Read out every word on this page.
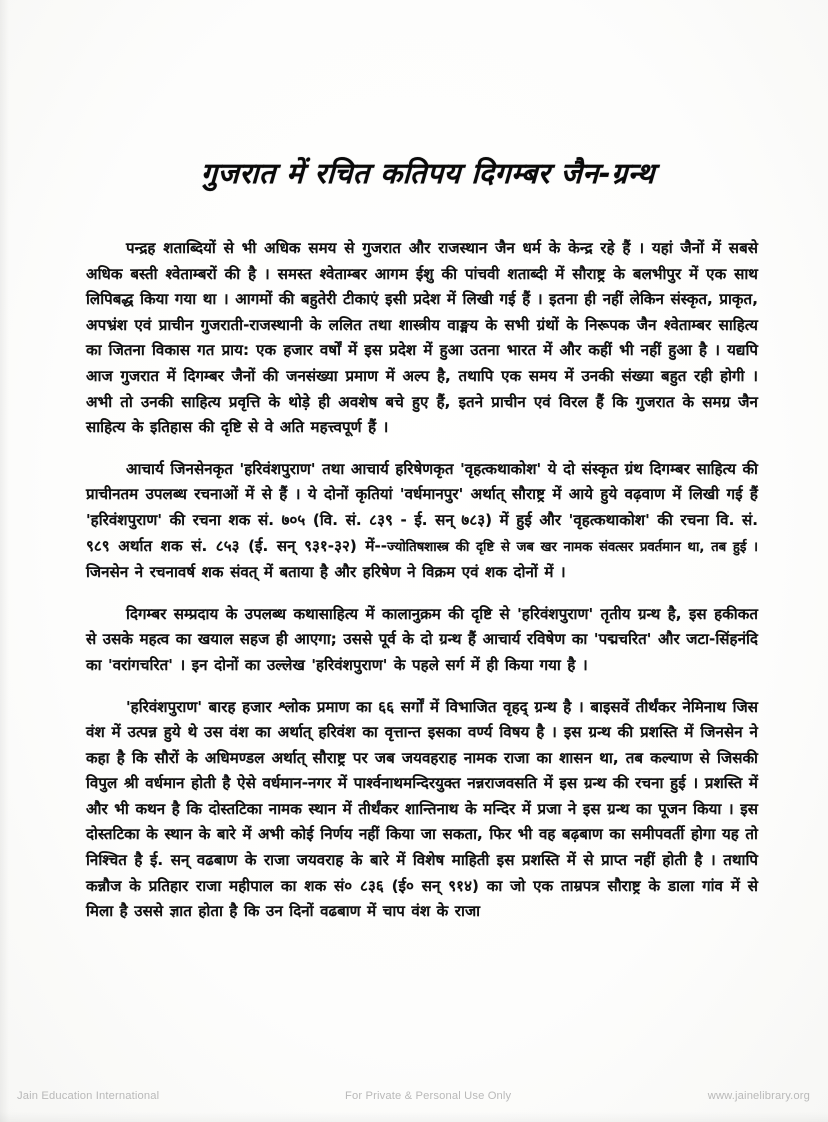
गुजरात में रचित कतिपय दिगम्बर जैन-ग्रन्थ

पन्द्रह शताब्दियों से भी अधिक समय से गुजरात और राजस्थान जैन धर्म के केन्द्र रहे हैं । यहां जैनों में सबसे अधिक बस्ती श्वेताम्बरों की है । समस्त श्वेताम्बर आगम ईशु की पांचवी शताब्दी में सौराष्ट्र के बलभीपुर में एक साथ लिपिबद्ध किया गया था । आगमों की बहुतेरी टीकाएं इसी प्रदेश में लिखी गई हैं । इतना ही नहीं लेकिन संस्कृत, प्राकृत, अपभ्रंश एवं प्राचीन गुजराती-राजस्थानी के ललित तथा शास्त्रीय वाङ्मय के सभी ग्रंथों के निरूपक जैन श्वेताम्बर साहित्य का जितना विकास गत प्राय: एक हजार वर्षों में इस प्रदेश में हुआ उतना भारत में और कहीं भी नहीं हुआ है । यद्यपि आज गुजरात में दिगम्बर जैनों की जनसंख्या प्रमाण में अल्प है, तथापि एक समय में उनकी संख्या बहुत रही होगी । अभी तो उनकी साहित्य प्रवृत्ति के थोड़े ही अवशेष बचे हुए हैं, इतने प्राचीन एवं विरल हैं कि गुजरात के समग्र जैन साहित्य के इतिहास की दृष्टि से वे अति महत्त्वपूर्ण हैं ।

आचार्य जिनसेनकृत 'हरिवंशपुराण' तथा आचार्य हरिषेणकृत 'वृहत्कथाकोश' ये दो संस्कृत ग्रंथ दिगम्बर साहित्य की प्राचीनतम उपलब्ध रचनाओं में से हैं । ये दोनों कृतियां 'वर्धमानपुर' अर्थात् सौराष्ट्र में आये हुये वढ़वाण में लिखी गई हैं 'हरिवंशपुराण' की रचना शक सं. ७०५ (वि. सं. ८३९ - ई. सन् ७८३) में हुई और 'वृहत्कथाकोश' की रचना वि. सं. ९८९ अर्थात शक सं. ८५३ (ई. सन् ९३१-३२) में--ज्योतिषशास्त्र की दृष्टि से जब खर नामक संवत्सर प्रवर्तमान था, तब हुई । जिनसेन ने रचनावर्ष शक संवत् में बताया है और हरिषेण ने विक्रम एवं शक दोनों में ।

दिगम्बर सम्प्रदाय के उपलब्ध कथासाहित्य में कालानुक्रम की दृष्टि से 'हरिवंशपुराण' तृतीय ग्रन्थ है, इस हकीकत से उसके महत्व का खयाल सहज ही आएगा; उससे पूर्व के दो ग्रन्थ हैं आचार्य रविषेण का 'पद्मचरित' और जटा-सिंहनंदि का 'वरांगचरित' । इन दोनों का उल्लेख 'हरिवंशपुराण' के पहले सर्ग में ही किया गया है ।

'हरिवंशपुराण' बारह हजार श्लोक प्रमाण का ६६ सर्गों में विभाजित वृहद् ग्रन्थ है । बाइसवें तीर्थंकर नेमिनाथ जिस वंश में उत्पन्न हुये थे उस वंश का अर्थात् हरिवंश का वृत्तान्त इसका वर्ण्य विषय है । इस ग्रन्थ की प्रशस्ति में जिनसेन ने कहा है कि सौरों के अधिमण्डल अर्थात् सौराष्ट्र पर जब जयवहराह नामक राजा का शासन था, तब कल्याण से जिसकी विपुल श्री वर्धमान होती है ऐसे वर्धमान-नगर में पार्श्वनाथमन्दिरयुक्त नन्नराजवसति में इस ग्रन्थ की रचना हुई । प्रशस्ति में और भी कथन है कि दोस्तटिका नामक स्थान में तीर्थंकर शान्तिनाथ के मन्दिर में प्रजा ने इस ग्रन्थ का पूजन किया । इस दोस्तटिका के स्थान के बारे में अभी कोई निर्णय नहीं किया जा सकता, फिर भी वह बढ़बाण का समीपवर्ती होगा यह तो निश्चित है ई. सन् वढबाण के राजा जयवराह के बारे में विशेष माहिती इस प्रशस्ति में से प्राप्त नहीं होती है । तथापि कन्नौज के प्रतिहार राजा महीपाल का शक सं० ८३६ (ई० सन् ९१४) का जो एक ताम्रपत्र सौराष्ट्र के डाला गांव में से मिला है उससे ज्ञात होता है कि उन दिनों वढबाण में चाप वंश के राजा

Jain Education International	For Private & Personal Use Only	www.jainelibrary.org
